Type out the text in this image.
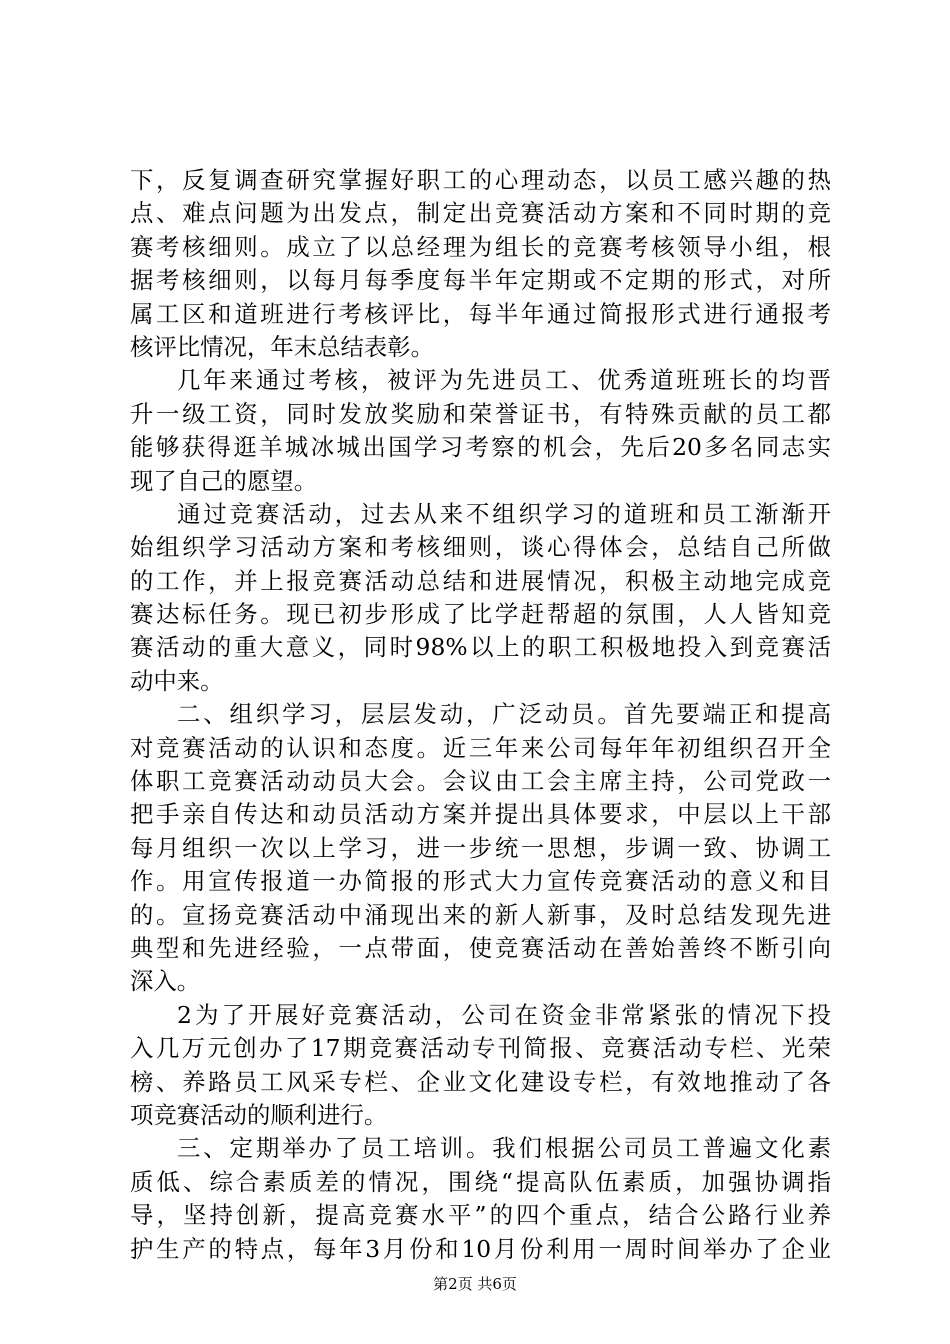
下，反复调查研究掌握好职工的心理动态，以员工感兴趣的热
点、难点问题为出发点，制定出竞赛活动方案和不同时期的竞
赛考核细则。成立了以总经理为组长的竞赛考核领导小组，根
据考核细则，以每月每季度每半年定期或不定期的形式，对所
属工区和道班进行考核评比，每半年通过简报形式进行通报考
核评比情况，年末总结表彰。
几年来通过考核，被评为先进员工、优秀道班班长的均晋
升一级工资，同时发放奖励和荣誉证书，有特殊贡献的员工都
能够获得逛羊城冰城出国学习考察的机会，先后20多名同志实
现了自己的愿望。
通过竞赛活动，过去从来不组织学习的道班和员工渐渐开
始组织学习活动方案和考核细则，谈心得体会，总结自己所做
的工作，并上报竞赛活动总结和进展情况，积极主动地完成竞
赛达标任务。现已初步形成了比学赶帮超的氛围，人人皆知竞
赛活动的重大意义，同时98%以上的职工积极地投入到竞赛活
动中来。
二、组织学习，层层发动，广泛动员。首先要端正和提高
对竞赛活动的认识和态度。近三年来公司每年年初组织召开全
体职工竞赛活动动员大会。会议由工会主席主持，公司党政一
把手亲自传达和动员活动方案并提出具体要求，中层以上干部
每月组织一次以上学习，进一步统一思想，步调一致、协调工
作。用宣传报道一办简报的形式大力宣传竞赛活动的意义和目
的。宣扬竞赛活动中涌现出来的新人新事，及时总结发现先进
典型和先进经验，一点带面，使竞赛活动在善始善终不断引向
深入。
2为了开展好竞赛活动，公司在资金非常紧张的情况下投
入几万元创办了17期竞赛活动专刊简报、竞赛活动专栏、光荣
榜、养路员工风采专栏、企业文化建设专栏，有效地推动了各
项竞赛活动的顺利进行。
三、定期举办了员工培训。我们根据公司员工普遍文化素
质低、综合素质差的情况，围绕“提高队伍素质，加强协调指
导，坚持创新，提高竞赛水平”的四个重点，结合公路行业养
护生产的特点，每年3月份和10月份利用一周时间举办了企业
第2页 共6页
